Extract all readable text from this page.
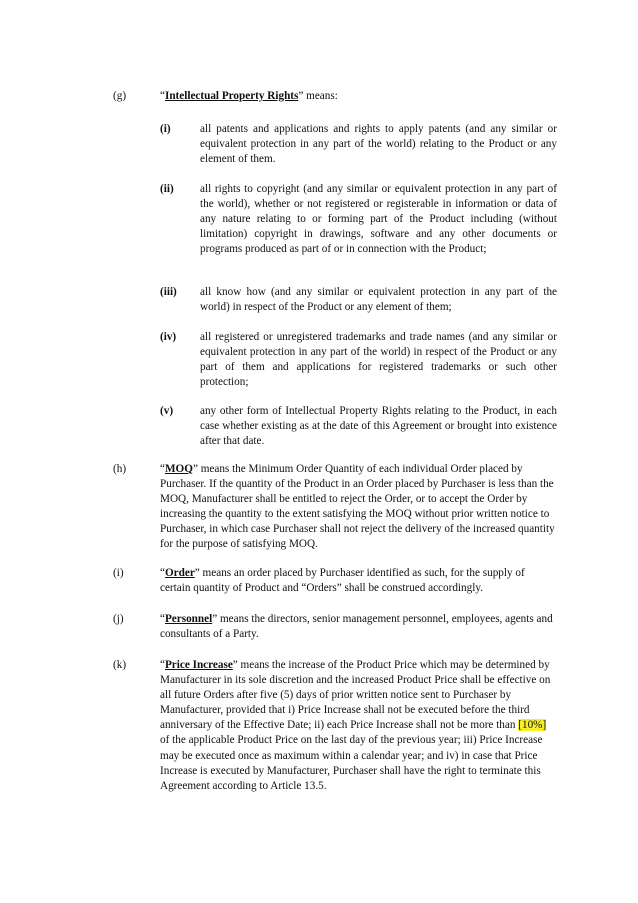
(g)	“Intellectual Property Rights” means:
(i)	all patents and applications and rights to apply patents (and any similar or equivalent protection in any part of the world) relating to the Product or any element of them.
(ii) all rights to copyright (and any similar or equivalent protection in any part of the world), whether or not registered or registerable in information or data of any nature relating to or forming part of the Product including (without limitation) copyright in drawings, software and any other documents or programs produced as part of or in connection with the Product;
(iii) all know how (and any similar or equivalent protection in any part of the world) in respect of the Product or any element of them;
(iv) all registered or unregistered trademarks and trade names (and any similar or equivalent protection in any part of the world) in respect of the Product or any part of them and applications for registered trademarks or such other protection;
(v) any other form of Intellectual Property Rights relating to the Product, in each case whether existing as at the date of this Agreement or brought into existence after that date.
(h)	“MOQ” means the Minimum Order Quantity of each individual Order placed by Purchaser. If the quantity of the Product in an Order placed by Purchaser is less than the MOQ, Manufacturer shall be entitled to reject the Order, or to accept the Order by increasing the quantity to the extent satisfying the MOQ without prior written notice to Purchaser, in which case Purchaser shall not reject the delivery of the increased quantity for the purpose of satisfying MOQ.
(i)	“Order” means an order placed by Purchaser identified as such, for the supply of certain quantity of Product and “Orders” shall be construed accordingly.
(j)	“Personnel” means the directors, senior management personnel, employees, agents and consultants of a Party.
(k)	“Price Increase” means the increase of the Product Price which may be determined by Manufacturer in its sole discretion and the increased Product Price shall be effective on all future Orders after five (5) days of prior written notice sent to Purchaser by Manufacturer, provided that i) Price Increase shall not be executed before the third anniversary of the Effective Date; ii) each Price Increase shall not be more than [10%] of the applicable Product Price on the last day of the previous year; iii) Price Increase may be executed once as maximum within a calendar year; and iv) in case that Price Increase is executed by Manufacturer, Purchaser shall have the right to terminate this Agreement according to Article 13.5.
